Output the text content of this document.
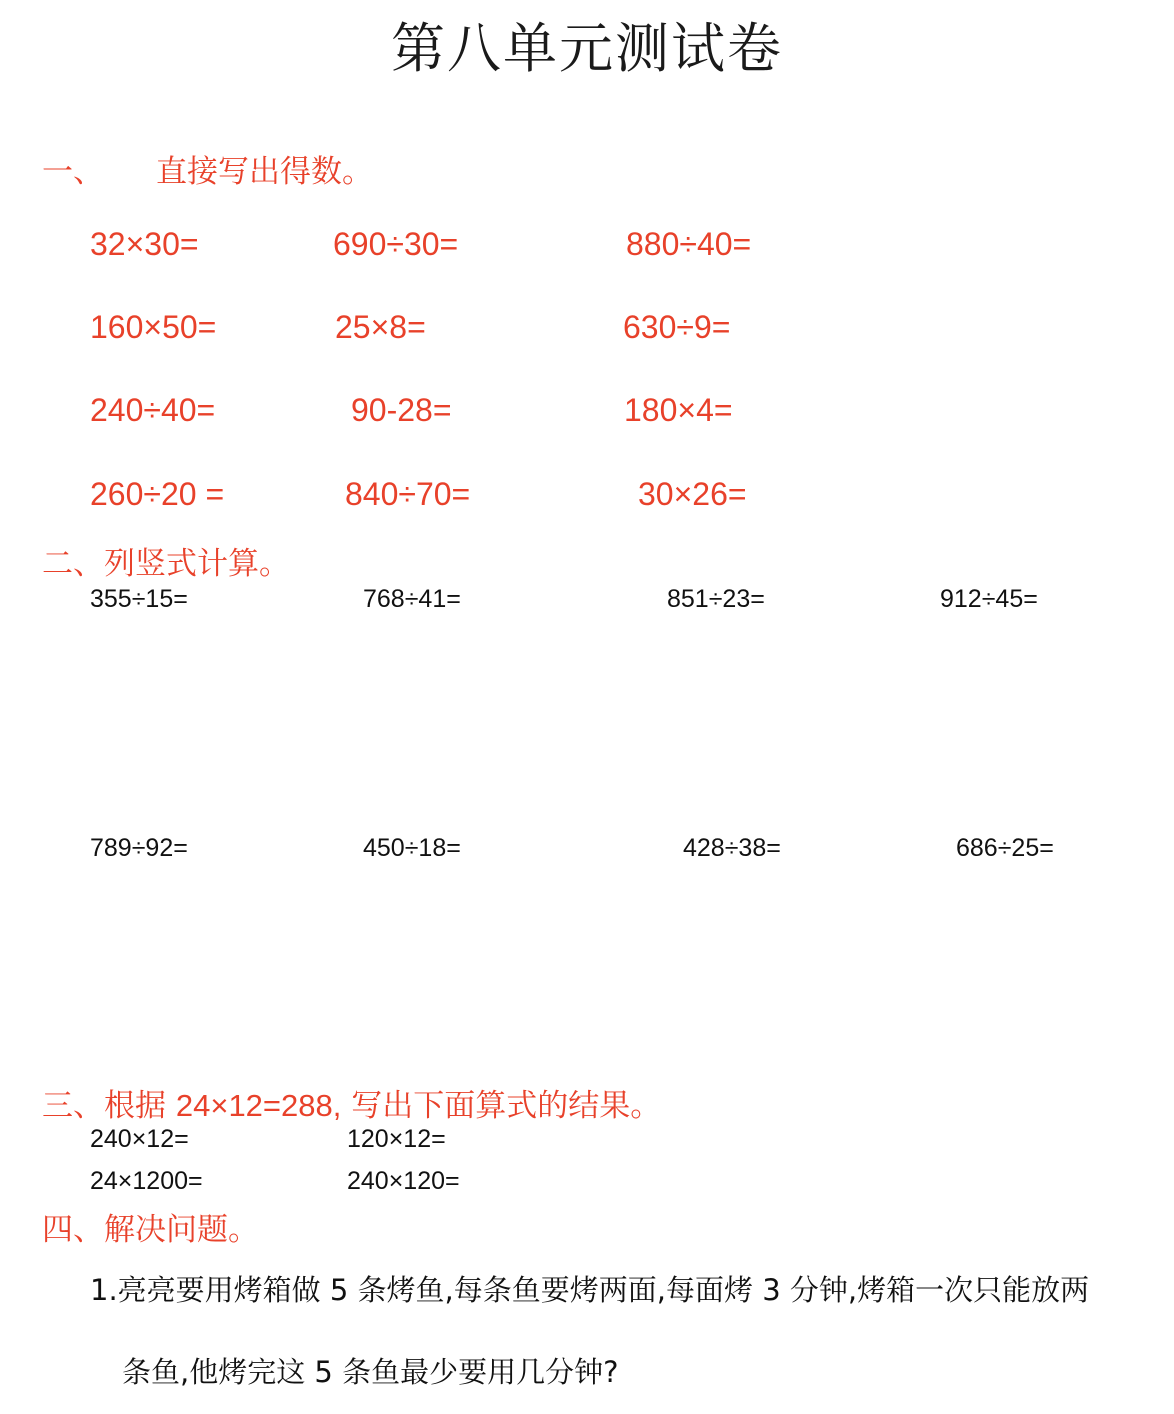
第八单元测试卷
一、 直接写出得数。
32×30=	690÷30=	880÷40=
160×50=	25×8=	630÷9=
240÷40=	90-28=	180×4=
260÷20 =	840÷70=	30×26=
二、列竖式计算。
355÷15=	768÷41=	851÷23=	912÷45=
789÷92=	450÷18=	428÷38=	686÷25=
三、根据 24×12=288, 写出下面算式的结果。
240×12=	120×12=
24×1200=	240×120=
四、解决问题。
1.亮亮要用烤箱做 5 条烤鱼,每条鱼要烤两面,每面烤 3 分钟,烤箱一次只能放两
条鱼,他烤完这 5 条鱼最少要用几分钟?
